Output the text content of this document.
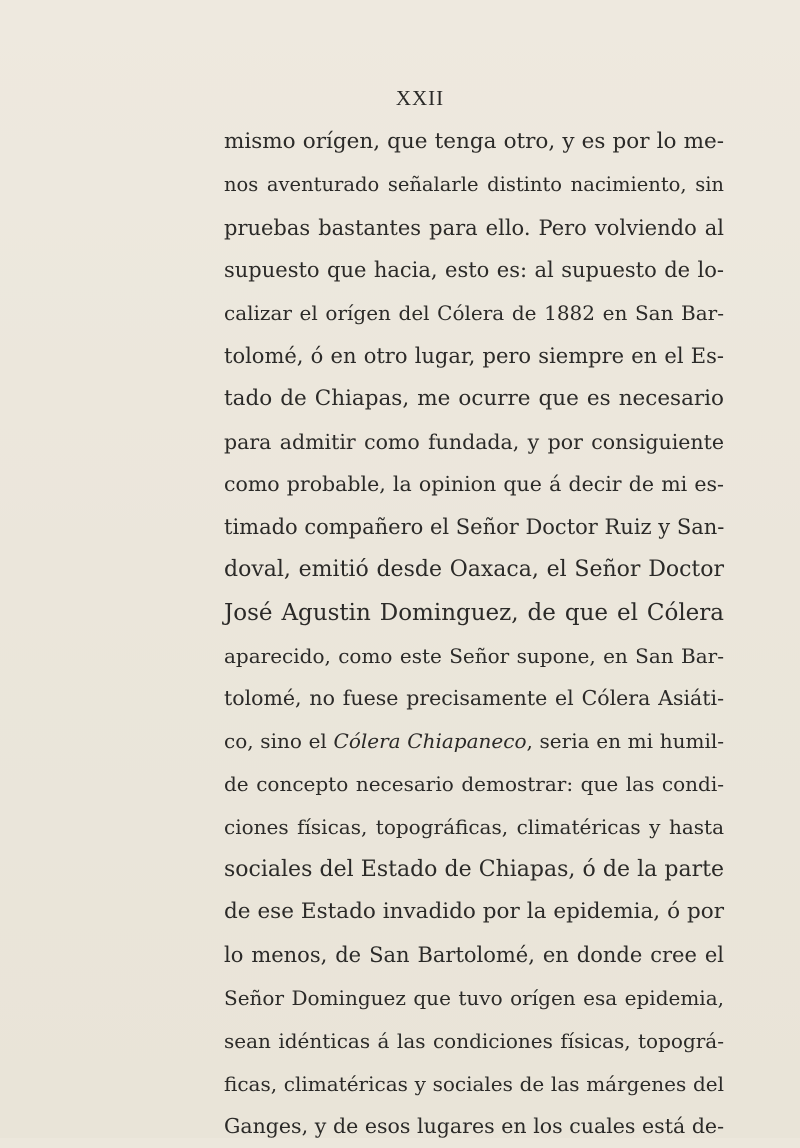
XXII
mismo orígen, que tenga otro, y es por lo me-
nos aventurado señalarle distinto nacimiento, sin
pruebas bastantes para ello. Pero volviendo al
supuesto que hacia, esto es: al supuesto de lo-
calizar el orígen del Cólera de 1882 en San Bar-
tolomé, ó en otro lugar, pero siempre en el Es-
tado de Chiapas, me ocurre que es necesario
para admitir como fundada, y por consiguiente
como probable, la opinion que á decir de mi es-
timado compañero el Señor Doctor Ruiz y San-
doval, emitió desde Oaxaca, el Señor Doctor
José Agustin Dominguez, de que el Cólera
aparecido, como este Señor supone, en San Bar-
tolomé, no fuese precisamente el Cólera Asiáti-
co, sino el Cólera Chiapaneco, seria en mi humil-
de concepto necesario demostrar: que las condi-
ciones físicas, topográficas, climatéricas y hasta
sociales del Estado de Chiapas, ó de la parte
de ese Estado invadido por la epidemia, ó por
lo menos, de San Bartolomé, en donde cree el
Señor Dominguez que tuvo orígen esa epidemia,
sean idénticas á las condiciones físicas, topográ-
ficas, climatéricas y sociales de las márgenes del
Ganges, y de esos lugares en los cuales está de-
